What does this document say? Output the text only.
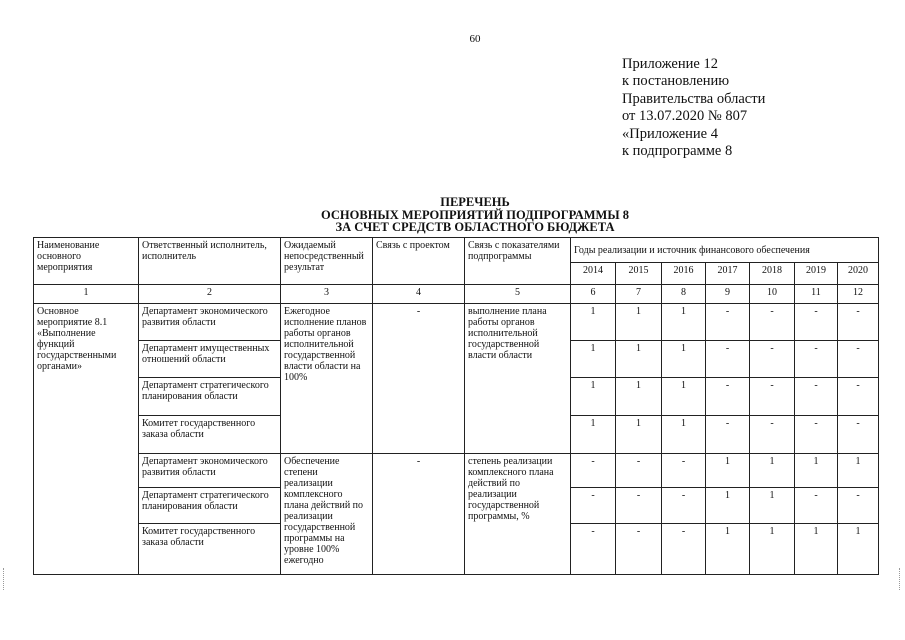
60
Приложение 12
к постановлению
Правительства области
от 13.07.2020 № 807
«Приложение 4
к подпрограмме 8
ПЕРЕЧЕНЬ
ОСНОВНЫХ МЕРОПРИЯТИЙ ПОДПРОГРАММЫ 8
ЗА СЧЕТ СРЕДСТВ ОБЛАСТНОГО БЮДЖЕТА
Наименование основного мероприятия	Ответственный исполнитель, исполнитель	Ожидаемый непосредственный результат	Связь с проектом	Связь с показателями подпрограммы	Годы реализации и источник финансового обеспечения						
					2014	2015	2016	2017	2018	2019	2020
1	2	3	4	5	6	7	8	9	10	11	12
Основное мероприятие 8.1 «Выполнение функций государственными органами»	Департамент экономического развития области	Ежегодное исполнение планов работы органов исполнительной государственной власти области на 100%	-	выполнение плана работы органов исполнительной государственной власти области	1	1	1	-	-	-	-
	Департамент имущественных отношений области				1	1	1	-	-	-	-
	Департамент стратегического планирования области				1	1	1	-	-	-	-
	Комитет государственного заказа области				1	1	1	-	-	-	-
	Департамент экономического развития области	Обеспечение степени реализации комплексного плана действий по реализации государственной программы на уровне 100% ежегодно	-	степень реализации комплексного плана действий по реализации государственной программы, %	-	-	-	1	1	1	1
	Департамент стратегического планирования области				-	-	-	1	1	-	-
	Комитет государственного заказа области				-	-	-	1	1	1	1
